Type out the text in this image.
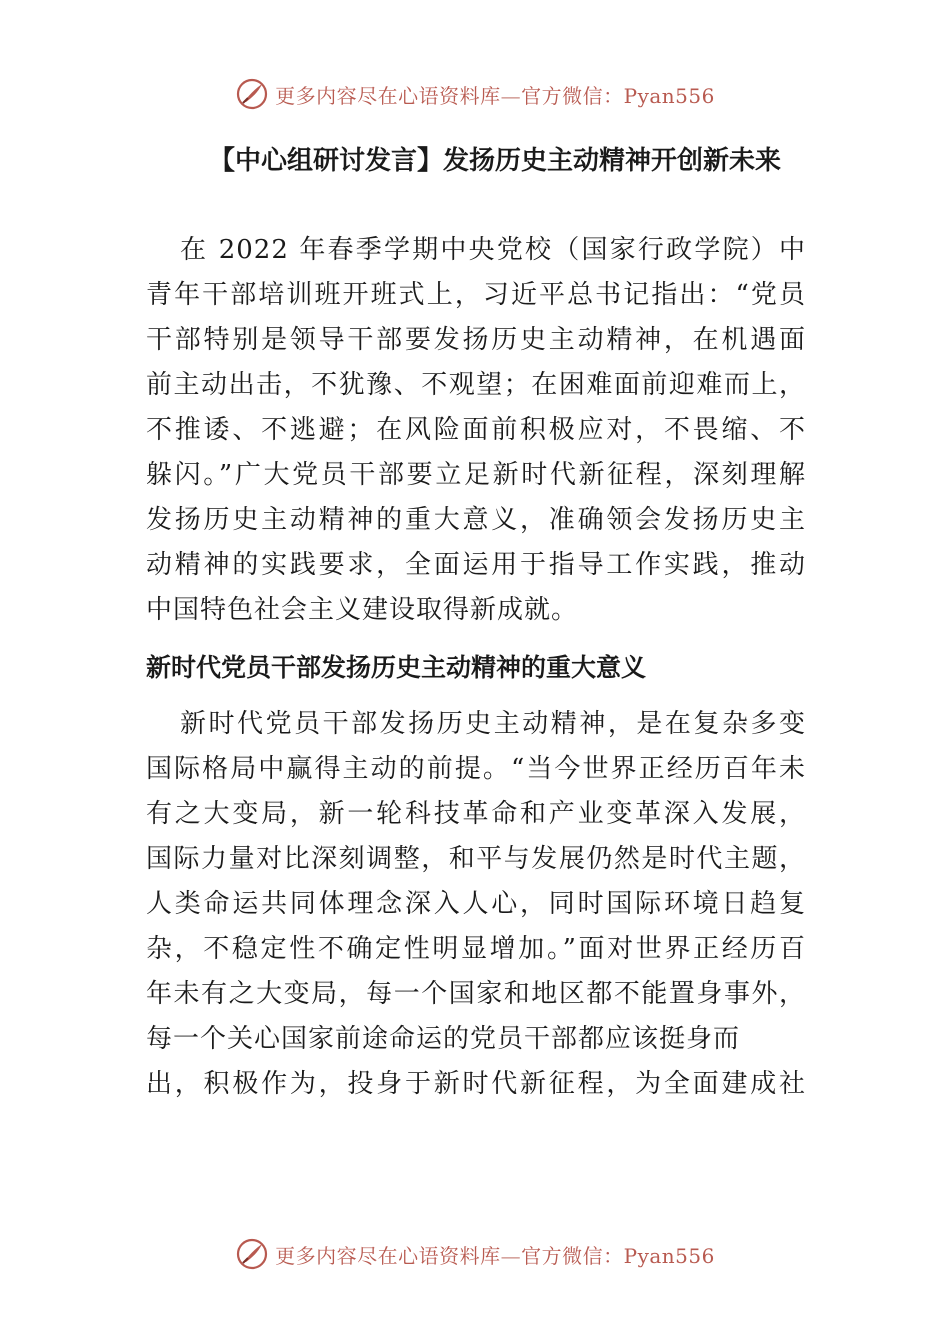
更多内容尽在心语资料库—官方微信：Pyan556
【中心组研讨发言】发扬历史主动精神开创新未来
在 2022 年春季学期中央党校（国家行政学院）中
青年干部培训班开班式上，习近平总书记指出：“党员
干部特别是领导干部要发扬历史主动精神，在机遇面
前主动出击，不犹豫、不观望；在困难面前迎难而上，
不推诿、不逃避；在风险面前积极应对，不畏缩、不
躲闪。”广大党员干部要立足新时代新征程，深刻理解
发扬历史主动精神的重大意义，准确领会发扬历史主
动精神的实践要求，全面运用于指导工作实践，推动
中国特色社会主义建设取得新成就。
新时代党员干部发扬历史主动精神的重大意义
新时代党员干部发扬历史主动精神，是在复杂多变
国际格局中赢得主动的前提。“当今世界正经历百年未
有之大变局，新一轮科技革命和产业变革深入发展，
国际力量对比深刻调整，和平与发展仍然是时代主题，
人类命运共同体理念深入人心，同时国际环境日趋复
杂，不稳定性不确定性明显增加。”面对世界正经历百
年未有之大变局，每一个国家和地区都不能置身事外，
每一个关心国家前途命运的党员干部都应该挺身而
出，积极作为，投身于新时代新征程，为全面建成社
更多内容尽在心语资料库—官方微信：Pyan556
